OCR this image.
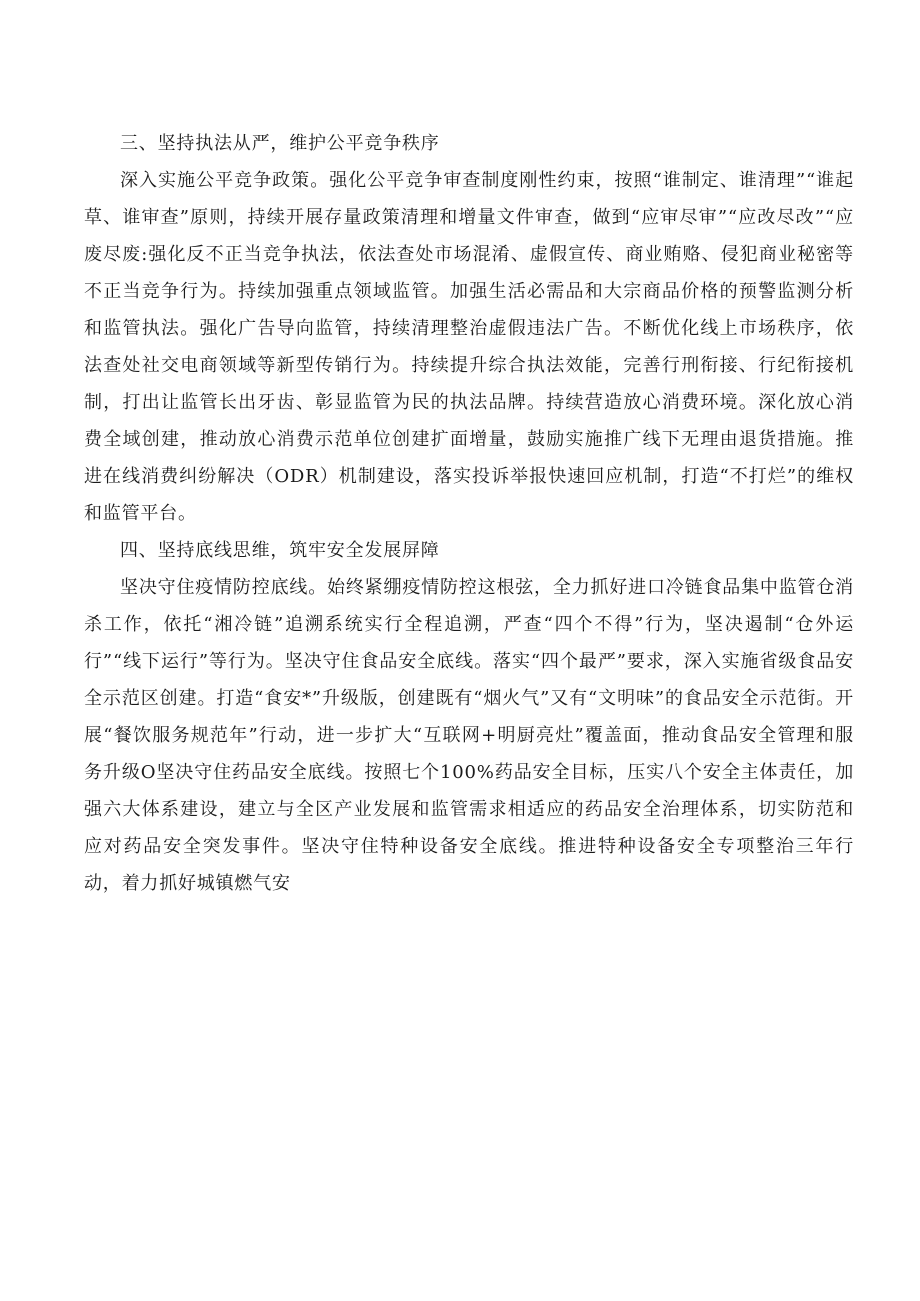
三、坚持执法从严，维护公平竞争秩序

深入实施公平竞争政策。强化公平竞争审查制度刚性约束，按照“谁制定、谁清理”“谁起草、谁审查”原则，持续开展存量政策清理和增量文件审查，做到“应审尽审”“应改尽改”“应废尽废:强化反不正当竞争执法，依法查处市场混淆、虚假宣传、商业贿赂、侵犯商业秘密等不正当竞争行为。持续加强重点领域监管。加强生活必需品和大宗商品价格的预警监测分析和监管执法。强化广告导向监管，持续清理整治虚假违法广告。不断优化线上市场秩序，依法查处社交电商领域等新型传销行为。持续提升综合执法效能，完善行刑衔接、行纪衔接机制，打出让监管长出牙齿、彰显监管为民的执法品牌。持续营造放心消费环境。深化放心消费全域创建，推动放心消费示范单位创建扩面增量，鼓励实施推广线下无理由退货措施。推进在线消费纠纷解决（ODR）机制建设，落实投诉举报快速回应机制，打造“不打烂”的维权和监管平台。

四、坚持底线思维，筑牢安全发展屏障

坚决守住疫情防控底线。始终紧绷疫情防控这根弦，全力抓好进口冷链食品集中监管仓消杀工作，依托“湘冷链”追溯系统实行全程追溯，严查“四个不得”行为，坚决遏制“仓外运行”“线下运行”等行为。坚决守住食品安全底线。落实“四个最严”要求，深入实施省级食品安全示范区创建。打造“食安*”升级版，创建既有“烟火气”又有“文明味”的食品安全示范街。开展“餐饮服务规范年”行动，进一步扩大“互联网+明厨亮灶”覆盖面，推动食品安全管理和服务升级O坚决守住药品安全底线。按照七个100%药品安全目标，压实八个安全主体责任，加强六大体系建设，建立与全区产业发展和监管需求相适应的药品安全治理体系，切实防范和应对药品安全突发事件。坚决守住特种设备安全底线。推进特种设备安全专项整治三年行动，着力抓好城镇燃气安
